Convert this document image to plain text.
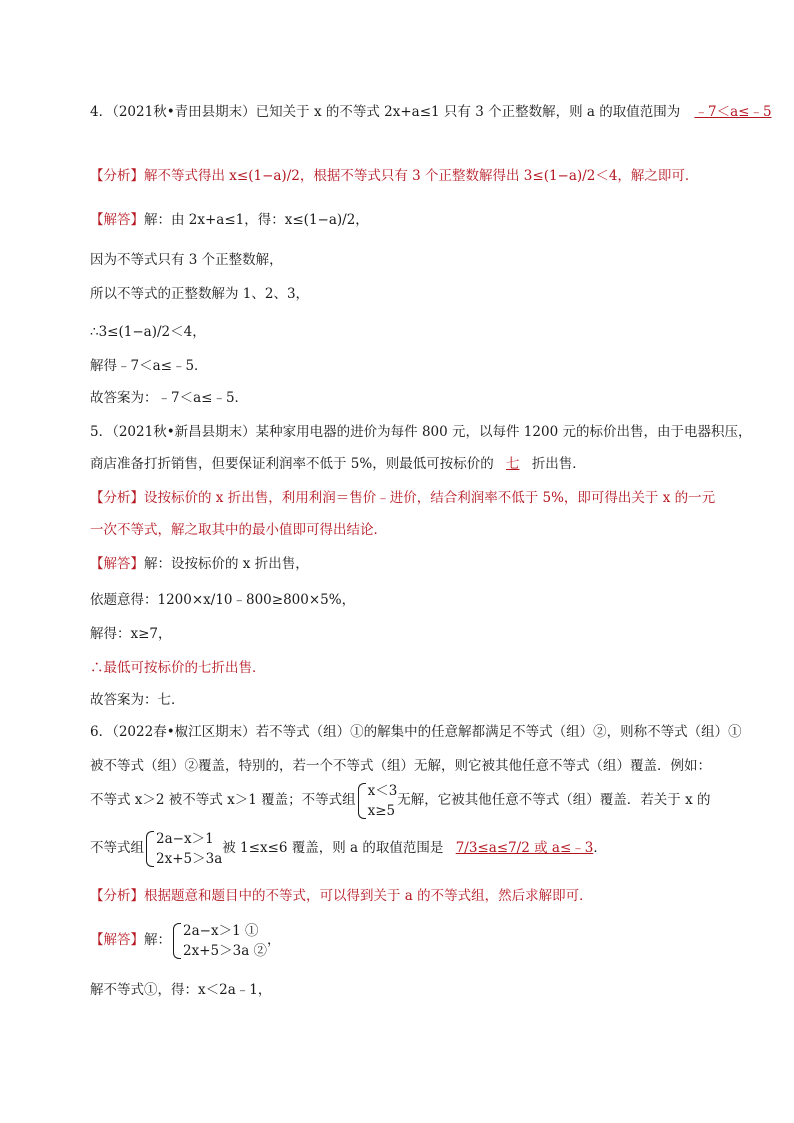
4．（2021秋•青田县期末）已知关于 x 的不等式 2x+a≤1 只有 3 个正整数解，则 a 的取值范围为 ﹣7＜a≤﹣5
【分析】解不等式得出 x≤(1−a)/2，根据不等式只有 3 个正整数解得出 3≤(1−a)/2＜4，解之即可．
【解答】解：由 2x+a≤1，得：x≤(1−a)/2，
因为不等式只有 3 个正整数解，
所以不等式的正整数解为 1、2、3，
∴3≤(1−a)/2＜4，
解得﹣7＜a≤﹣5．
故答案为：﹣7＜a≤﹣5．
5．（2021秋•新昌县期末）某种家用电器的进价为每件 800 元，以每件 1200 元的标价出售，由于电器积压，
商店准备打折销售，但要保证利润率不低于 5%，则最低可按标价的 七 折出售．
【分析】设按标价的 x 折出售，利用利润＝售价﹣进价，结合利润率不低于 5%，即可得出关于 x 的一元
一次不等式，解之取其中的最小值即可得出结论．
【解答】解：设按标价的 x 折出售，
依题意得：1200×x/10﹣800≥800×5%，
解得：x≥7，
∴最低可按标价的七折出售．
故答案为：七．
6．（2022春•椒江区期末）若不等式（组）①的解集中的任意解都满足不等式（组）②，则称不等式（组）①
被不等式（组）②覆盖，特别的，若一个不等式（组）无解，则它被其他任意不等式（组）覆盖．例如：
不等式 x＞2 被不等式 x＞1 覆盖；不等式组
x＜3
x≥5
无解，它被其他任意不等式（组）覆盖．若关于 x 的
不等式组
2a−x＞1
2x+5＞3a
被 1≤x≤6 覆盖，则 a 的取值范围是 7/3≤a≤7/2 或 a≤﹣3．
【分析】根据题意和题目中的不等式，可以得到关于 a 的不等式组，然后求解即可．
【解答】解：
2a−x＞1 ①
2x+5＞3a ②
，
解不等式①，得：x＜2a﹣1，
